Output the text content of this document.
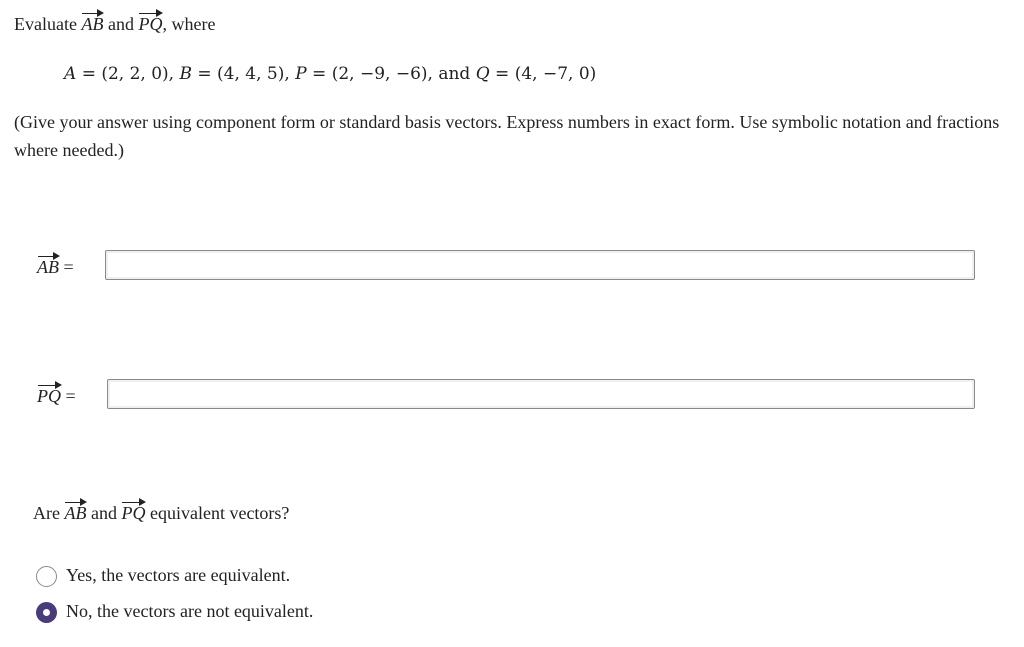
Evaluate AB and PQ, where
A = (2, 2, 0), B = (4, 4, 5), P = (2, −9, −6), and Q = (4, −7, 0)
(Give your answer using component form or standard basis vectors. Express numbers in exact form. Use symbolic notation and fractions where needed.)
AB =
PQ =
Are AB and PQ equivalent vectors?
Yes, the vectors are equivalent.
No, the vectors are not equivalent.
